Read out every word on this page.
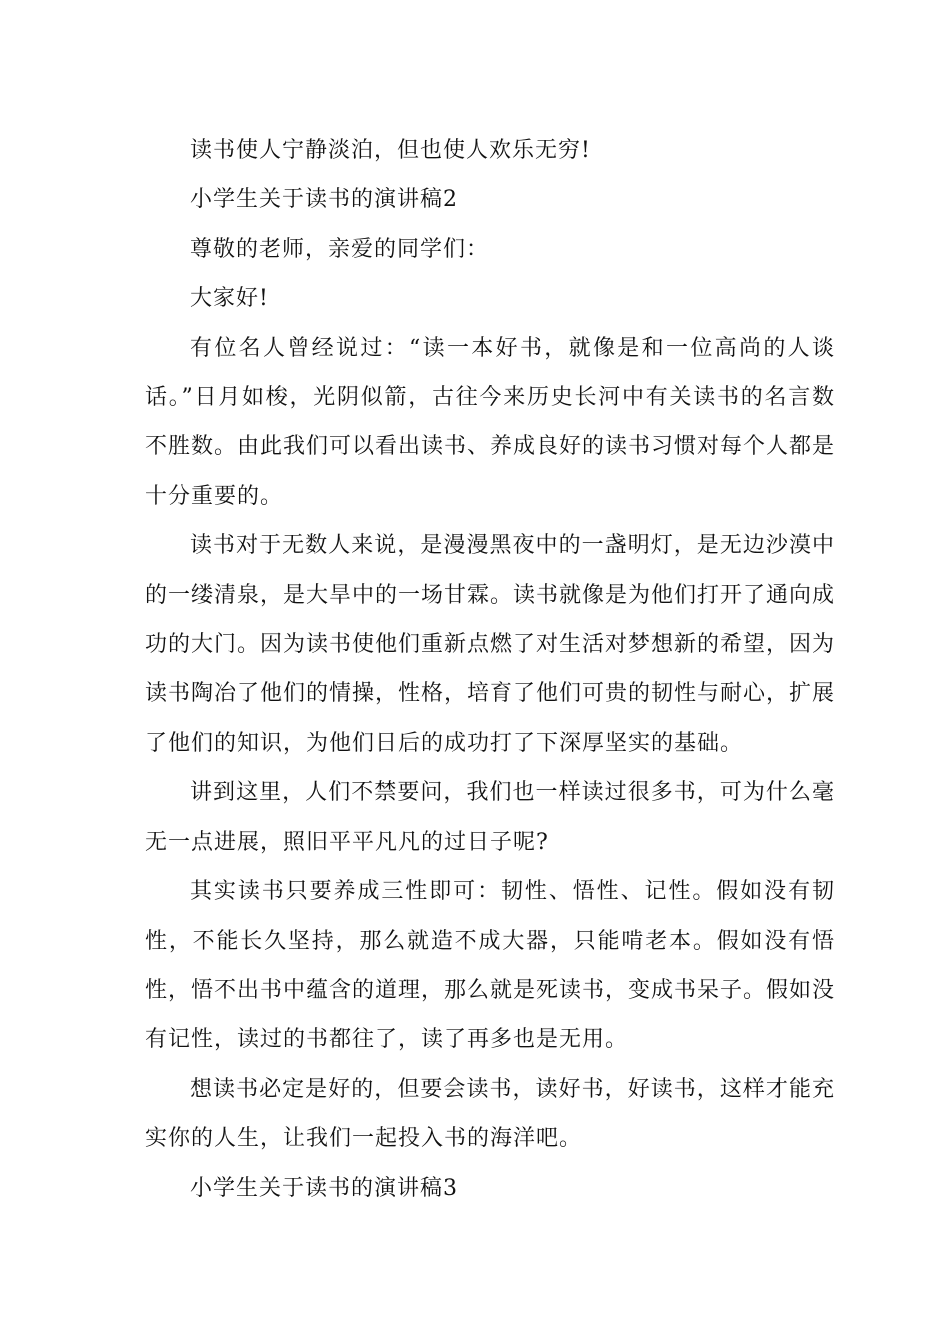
读书使人宁静淡泊，但也使人欢乐无穷!

小学生关于读书的演讲稿2

尊敬的老师，亲爱的同学们：

大家好!

有位名人曾经说过：“读一本好书，就像是和一位高尚的人谈话。”日月如梭，光阴似箭，古往今来历史长河中有关读书的名言数不胜数。由此我们可以看出读书、养成良好的读书习惯对每个人都是十分重要的。

读书对于无数人来说，是漫漫黑夜中的一盏明灯，是无边沙漠中的一缕清泉，是大旱中的一场甘霖。读书就像是为他们打开了通向成功的大门。因为读书使他们重新点燃了对生活对梦想新的希望，因为读书陶冶了他们的情操，性格，培育了他们可贵的韧性与耐心，扩展了他们的知识，为他们日后的成功打了下深厚坚实的基础。

讲到这里，人们不禁要问，我们也一样读过很多书，可为什么毫无一点进展，照旧平平凡凡的过日子呢?

其实读书只要养成三性即可：韧性、悟性、记性。假如没有韧性，不能长久坚持，那么就造不成大器，只能啃老本。假如没有悟性，悟不出书中蕴含的道理，那么就是死读书，变成书呆子。假如没有记性，读过的书都往了，读了再多也是无用。

想读书必定是好的，但要会读书，读好书，好读书，这样才能充实你的人生，让我们一起投入书的海洋吧。

小学生关于读书的演讲稿3
